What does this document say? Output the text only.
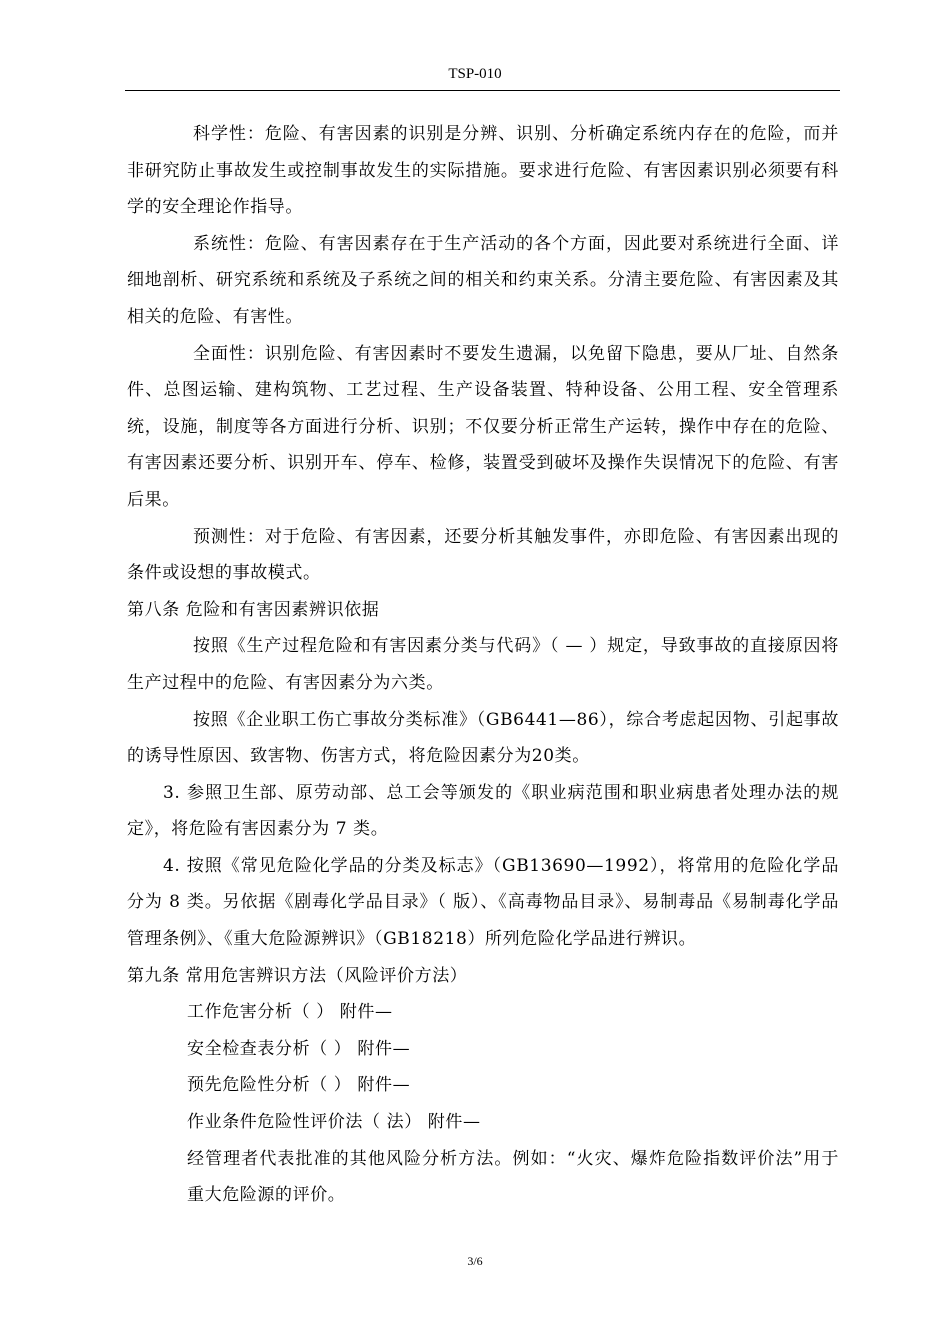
TSP-010

科学性：危险、有害因素的识别是分辨、识别、分析确定系统内存在的危险，而并非研究防止事故发生或控制事故发生的实际措施。要求进行危险、有害因素识别必须要有科学的安全理论作指导。

系统性：危险、有害因素存在于生产活动的各个方面，因此要对系统进行全面、详细地剖析、研究系统和系统及子系统之间的相关和约束关系。分清主要危险、有害因素及其相关的危险、有害性。

全面性：识别危险、有害因素时不要发生遗漏，以免留下隐患，要从厂址、自然条件、总图运输、建构筑物、工艺过程、生产设备装置、特种设备、公用工程、安全管理系统，设施，制度等各方面进行分析、识别；不仅要分析正常生产运转，操作中存在的危险、有害因素还要分析、识别开车、停车、检修，装置受到破坏及操作失误情况下的危险、有害后果。

预测性：对于危险、有害因素，还要分析其触发事件，亦即危险、有害因素出现的条件或设想的事故模式。

第八条 危险和有害因素辨识依据

按照《生产过程危险和有害因素分类与代码》（ — ）规定，导致事故的直接原因将生产过程中的危险、有害因素分为六类。

按照《企业职工伤亡事故分类标准》（GB6441—86），综合考虑起因物、引起事故的诱导性原因、致害物、伤害方式，将危险因素分为20类。

3. 参照卫生部、原劳动部、总工会等颁发的《职业病范围和职业病患者处理办法的规定》，将危险有害因素分为 7 类。

4. 按照《常见危险化学品的分类及标志》（GB13690—1992），将常用的危险化学品分为 8 类。另依据《剧毒化学品目录》（ 版）、《高毒物品目录》、易制毒品《易制毒化学品管理条例》、《重大危险源辨识》（GB18218）所列危险化学品进行辨识。

第九条 常用危害辨识方法（风险评价方法）

工作危害分析（ ） 附件—

安全检查表分析（ ） 附件—

预先危险性分析（ ） 附件—

作业条件危险性评价法（ 法） 附件—

经管理者代表批准的其他风险分析方法。例如：“火灾、爆炸危险指数评价法”用于重大危险源的评价。

3/6
